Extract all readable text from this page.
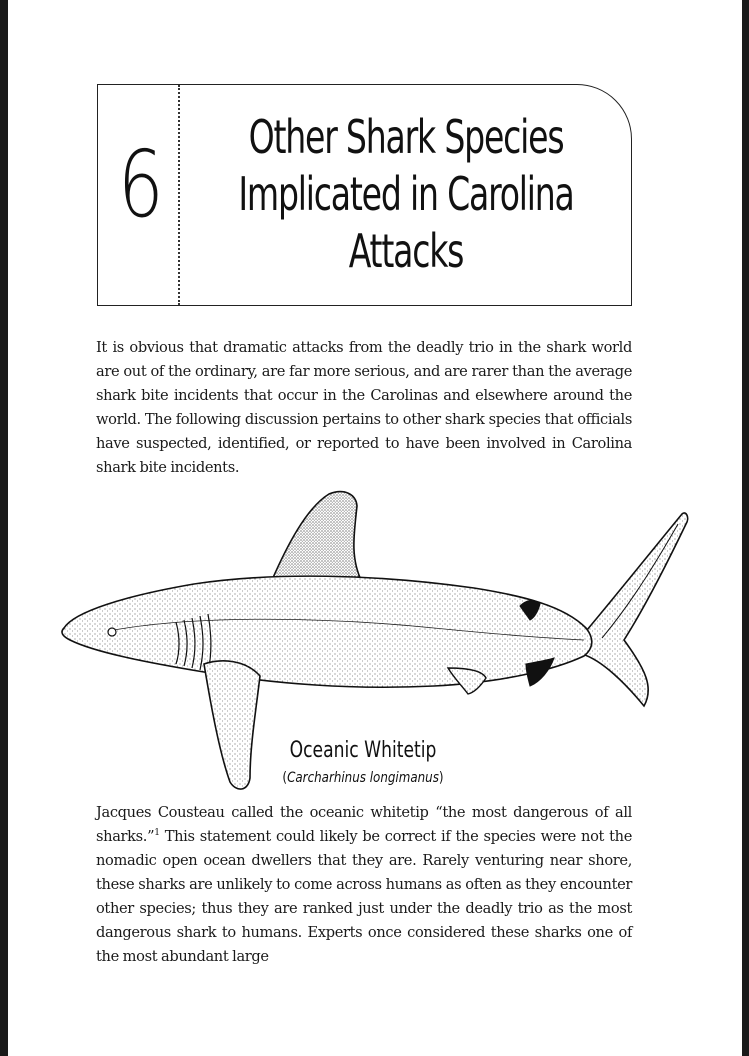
6	Other Shark Species
Implicated in Carolina
Attacks
It is obvious that dramatic attacks from the deadly trio in the shark world are out of the ordinary, are far more serious, and are rarer than the average shark bite incidents that occur in the Carolinas and elsewhere around the world. The following discussion pertains to other shark species that officials have suspected, identified, or reported to have been involved in Carolina shark bite incidents.
Oceanic Whitetip
(Carcharhinus longimanus)
Jacques Cousteau called the oceanic whitetip “the most dangerous of all sharks.”$^1$ This statement could likely be correct if the species were not the nomadic open ocean dwellers that they are. Rarely venturing near shore, these sharks are unlikely to come across humans as often as they encounter other species; thus they are ranked just under the deadly trio as the most dangerous shark to humans. Experts once considered these sharks one of the most abundant large
